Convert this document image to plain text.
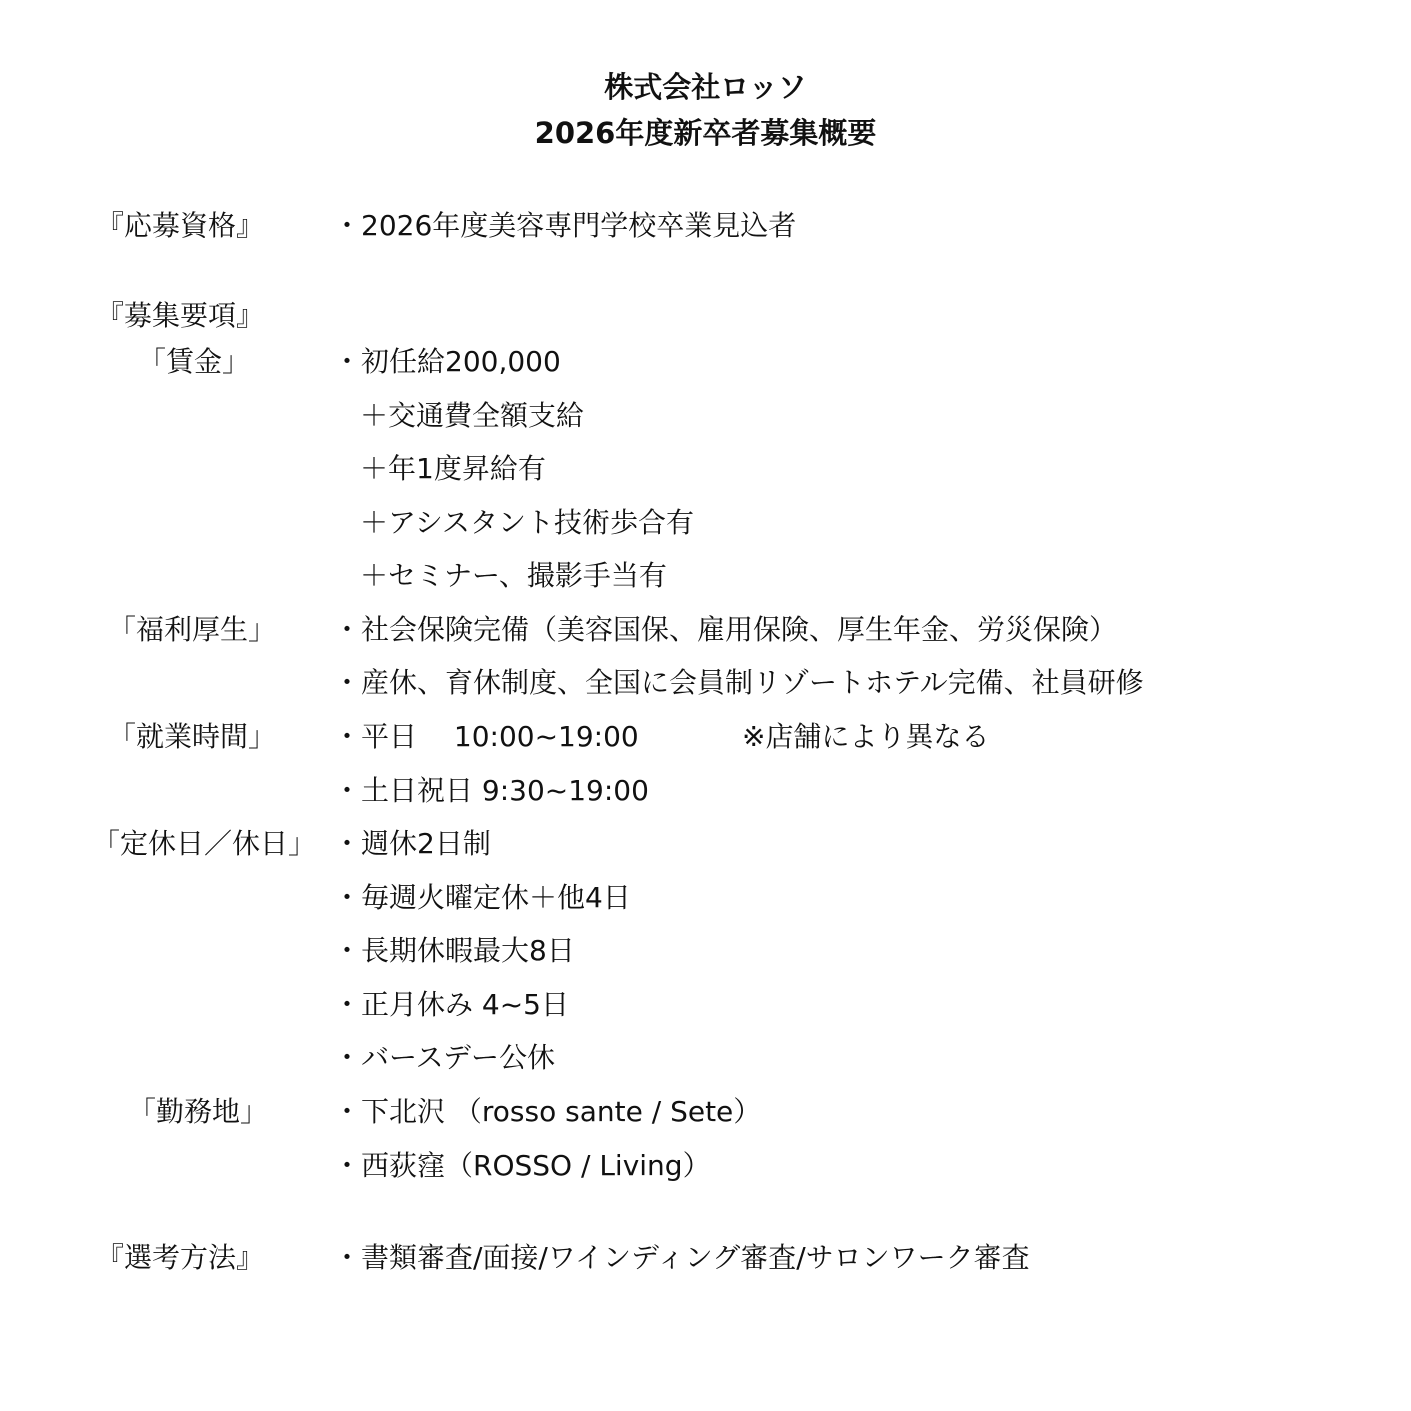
株式会社ロッソ
2026年度新卒者募集概要
『応募資格』 ・2026年度美容専門学校卒業見込者
『募集要項』
「賃金」	・初任給200,000
＋交通費全額支給
＋年1度昇給有
＋アシスタント技術歩合有
＋セミナー、撮影手当有
「福利厚生」 ・社会保険完備（美容国保、雇用保険、厚生年金、労災保険）
・産休、育休制度、全国に会員制リゾートホテル完備、社員研修
「就業時間」 ・平日　 10:00~19:00	※店舗により異なる
・土日祝日 9:30~19:00
「定休日／休日」 ・週休2日制
・毎週火曜定休＋他4日
・長期休暇最大8日
・正月休み 4~5日
・バースデー公休
「勤務地」 ・下北沢 （rosso sante / Sete）
・西荻窪（ROSSO / Living）
『選考方法』 ・書類審査/面接/ワインディング審査/サロンワーク審査
